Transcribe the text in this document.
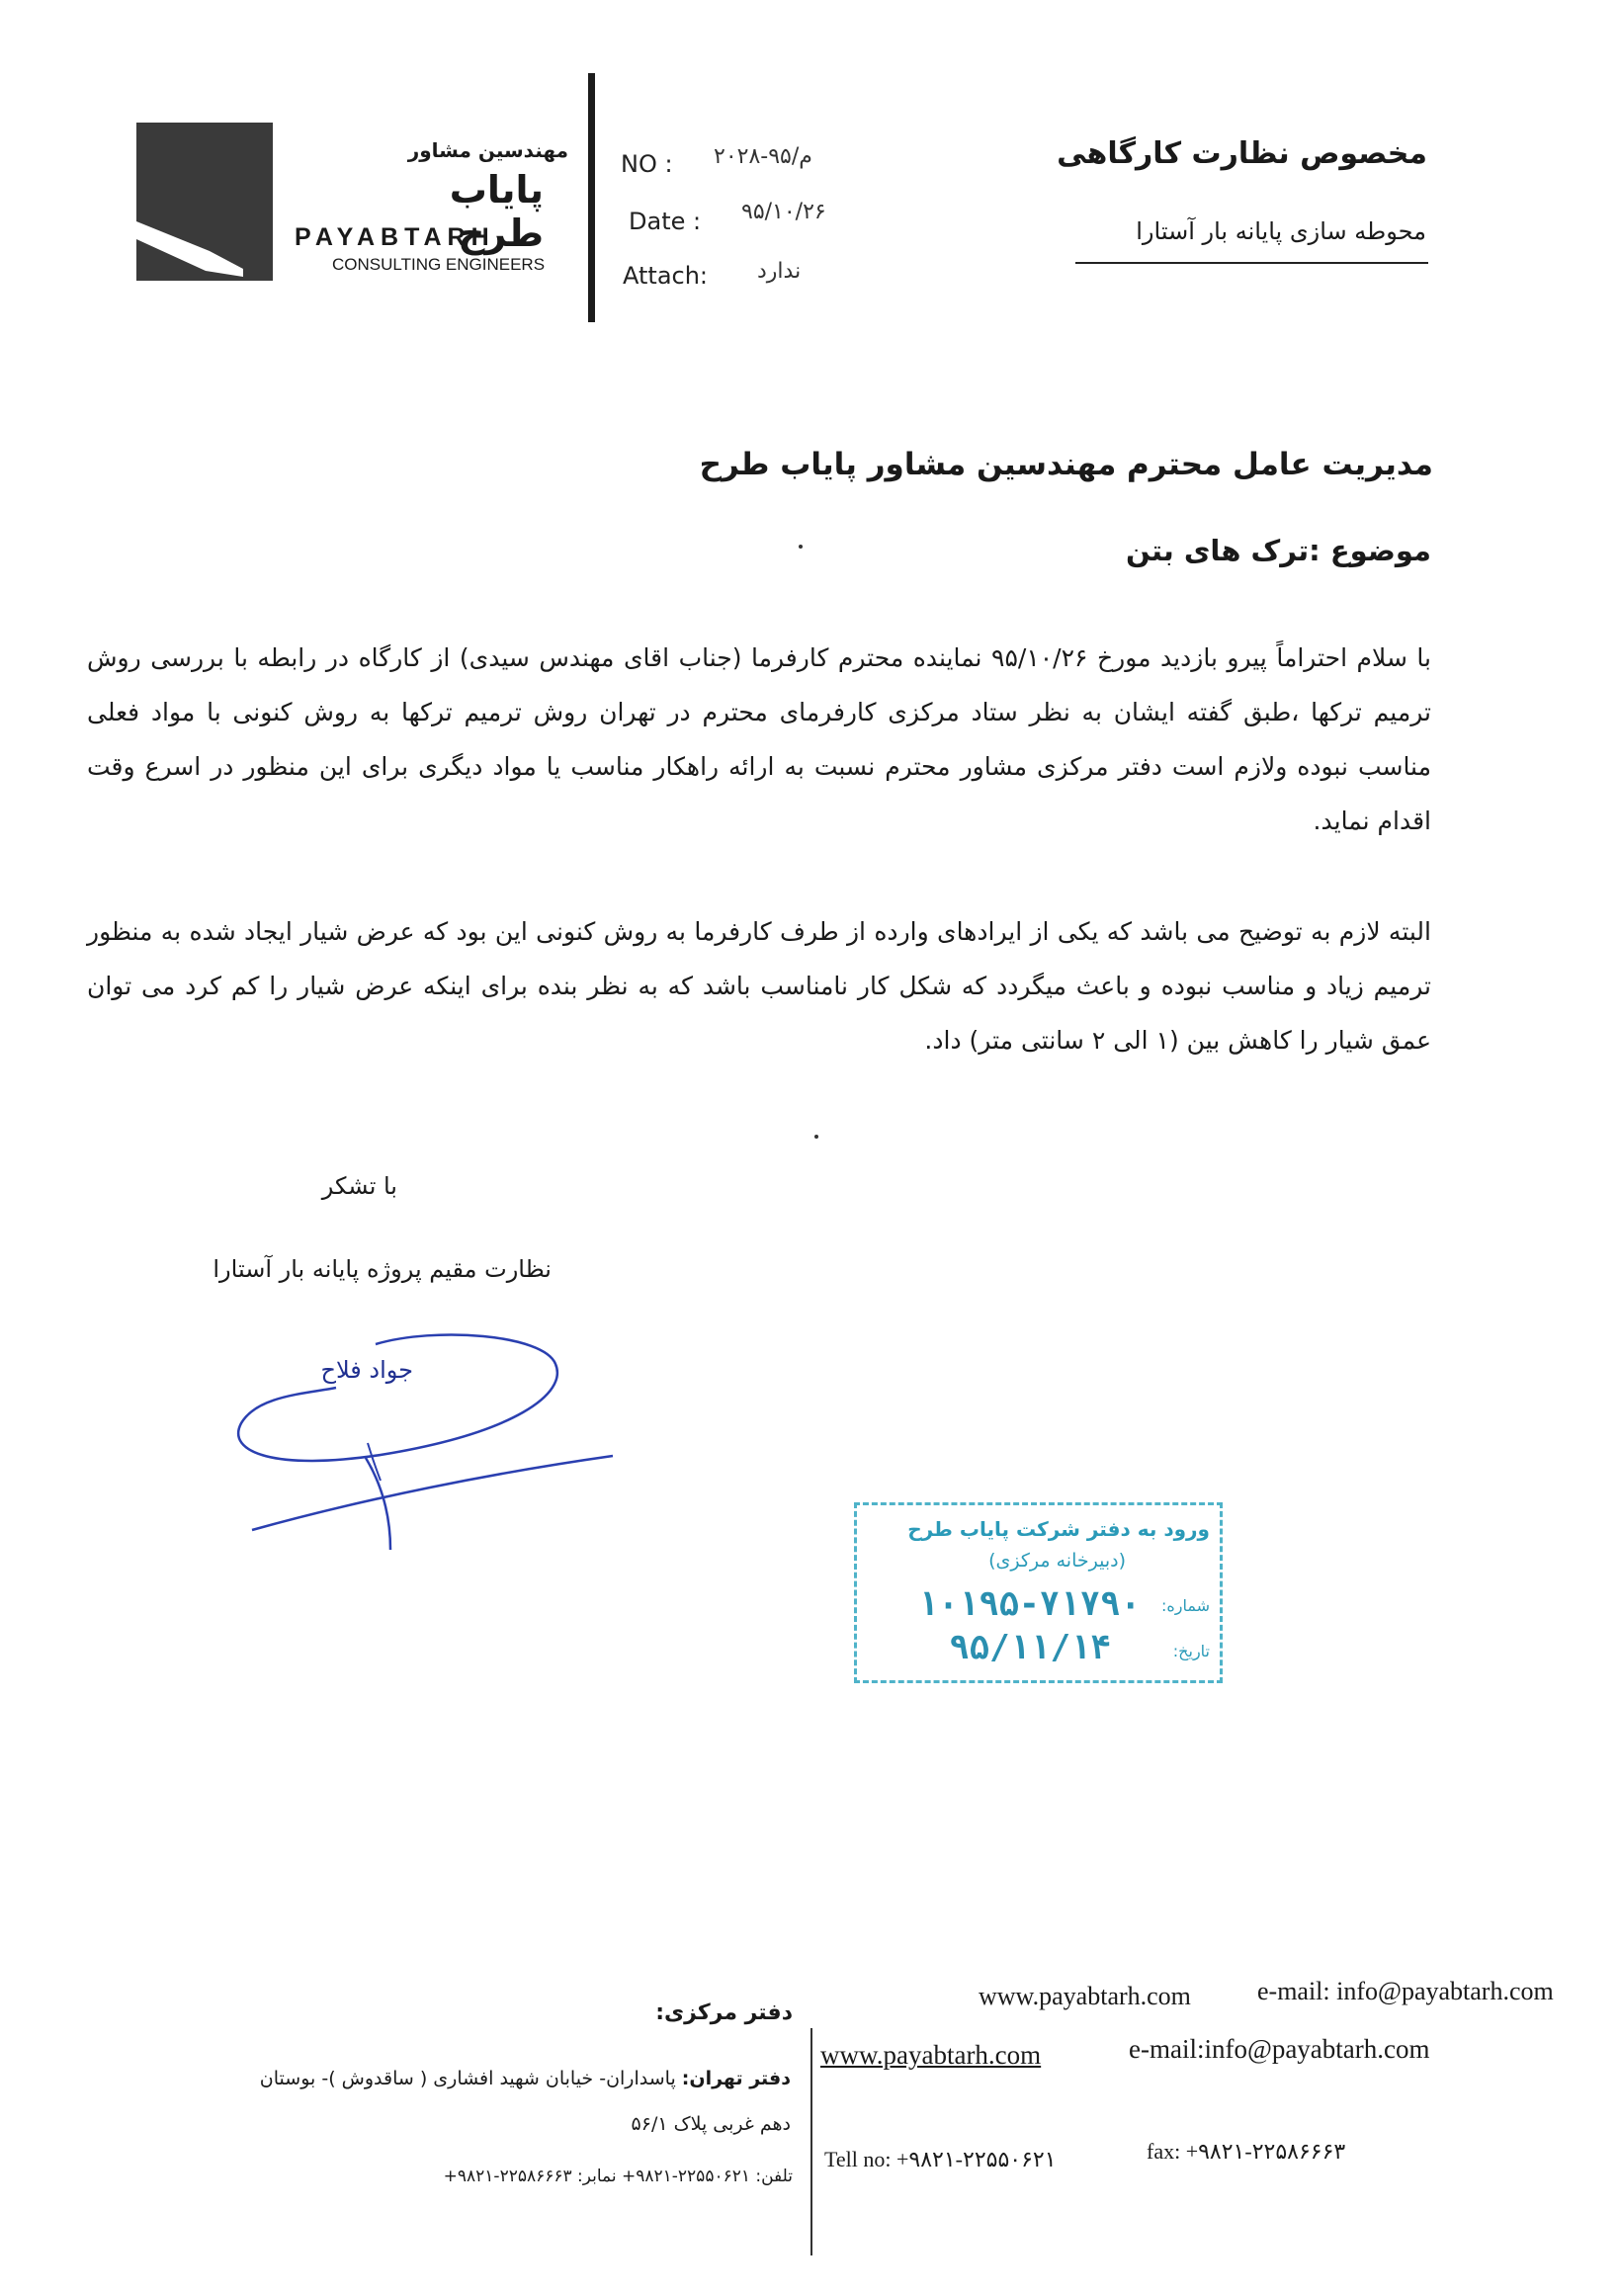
مهندسین مشاور
پایاب طرح
PAYABTARH
CONSULTING ENGINEERS
NO : م/۹۵-۲۰۲۸
Date : ۹۵/۱۰/۲۶
Attach: ندارد
مخصوص نظارت کارگاهی
محوطه سازی پایانه بار آستارا
مدیریت عامل محترم مهندسین مشاور پایاب طرح
موضوع :ترک های بتن
با سلام احتراماً پیرو بازدید مورخ ۹۵/۱۰/۲۶ نماینده محترم کارفرما (جناب اقای مهندس سیدی) از کارگاه در رابطه با بررسی روش ترمیم ترکها ،طبق گفته ایشان به نظر ستاد مرکزی کارفرمای محترم در تهران روش ترمیم ترکها به روش کنونی با مواد فعلی مناسب نبوده ولازم است دفتر مرکزی مشاور محترم نسبت به ارائه راهکار مناسب یا مواد دیگری برای این منظور در اسرع وقت اقدام نماید.
البته لازم به توضیح می باشد که یکی از ایرادهای وارده از طرف کارفرما به روش کنونی این بود که عرض شیار ایجاد شده به منظور ترمیم زیاد و مناسب نبوده و باعث میگردد که شکل کار نامناسب باشد که به نظر بنده برای اینکه عرض شیار را کم کرد می توان عمق شیار را کاهش بین (۱ الی ۲ سانتی متر) داد.
با تشکر
نظارت مقیم پروژه پایانه بار آستارا
جواد فلاح
ورود به دفتر شرکت پایاب طرح
(دبیرخانه مرکزی)
شماره:
۱۰۱۹۵-۷۱۷۹۰
تاریخ:
۹۵/۱۱/۱۴
www.payabtarh.com	e-mail: info@payabtarh.com
www.payabtarh.com	e-mail:info@payabtarh.com
Tell no: +۹۸۲۱-۲۲۵۵۰۶۲۱	fax: +۹۸۲۱-۲۲۵۸۶۶۶۳
دفتر مرکزی:
دفتر تهران: پاسداران- خیابان شهید افشاری ( ساقدوش )- بوستان
دهم غربی پلاک ۵۶/۱
تلفن: ۲۲۵۵۰۶۲۱-۹۸۲۱+ نمابر: ۲۲۵۸۶۶۶۳-۹۸۲۱+
